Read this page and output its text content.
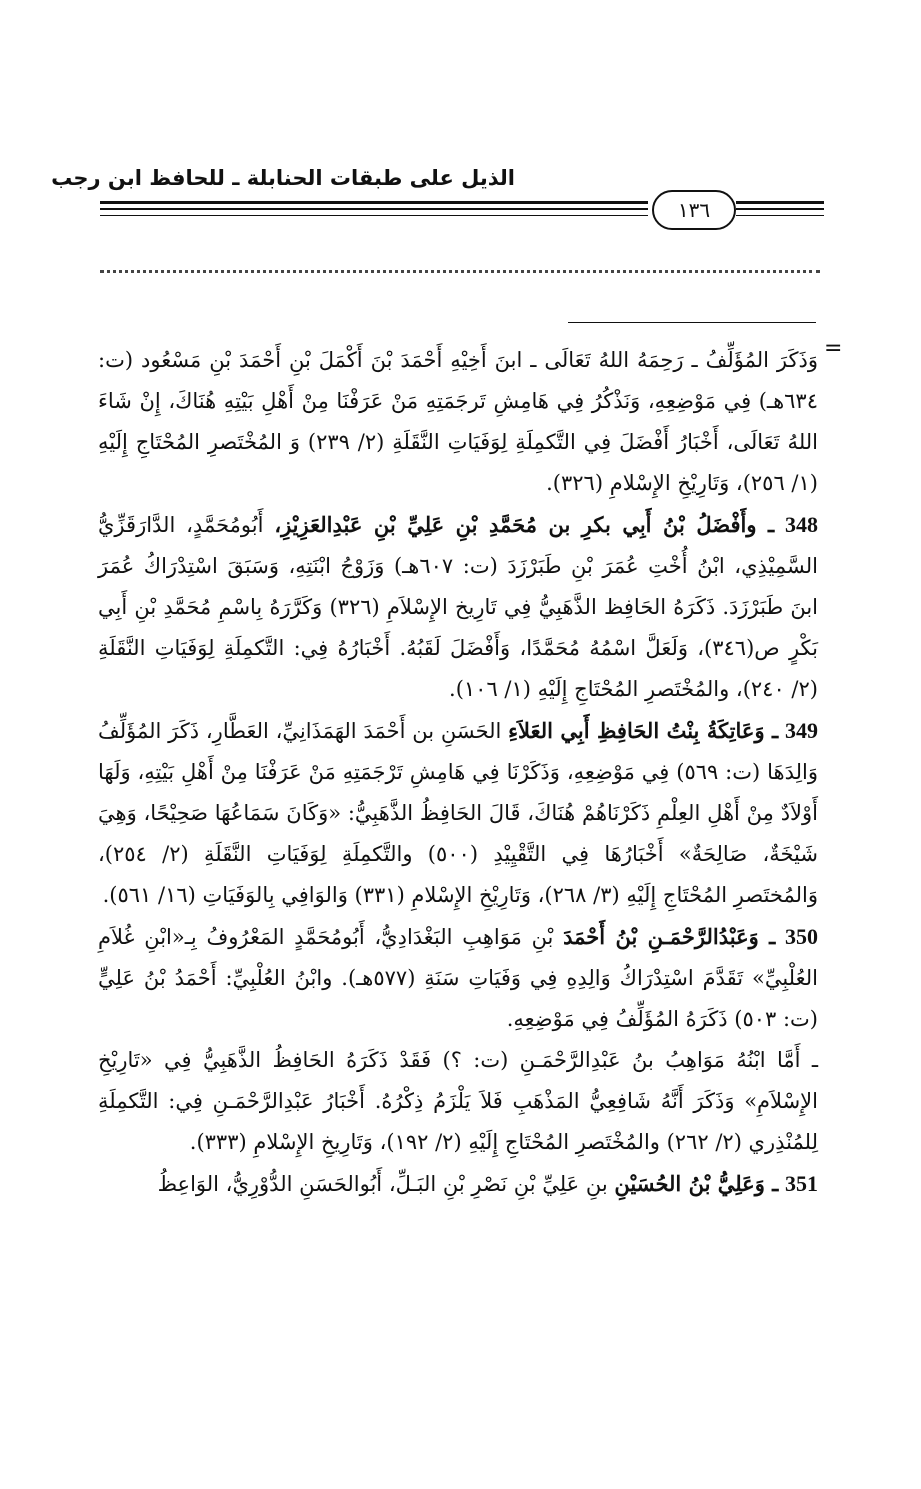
الذيل على طبقات الحنابلة ـ للحافظ ابن رجب
١٣٦
=

وَذَكَرَ المُؤَلِّفُ ـ رَحِمَهُ اللهُ تَعَالَى ـ ابنَ أَخِيْهِ أَحْمَدَ بْنَ أَكْمَلَ بْنِ أَحْمَدَ بْنِ مَسْعُود (ت: ٦٣٤هـ) فِي مَوْضِعِهِ، وَنَذْكُرُ فِي هَامِشِ تَرجَمَتِهِ مَنْ عَرَفْنَا مِنْ أَهْلِ بَيْتِهِ هُنَاكَ، إِنْ شَاءَ اللهُ تَعَالَى، أَخْبَارُ أَفْضَلَ فِي التَّكمِلَةِ لِوَفَيَاتِ النَّقَلَةِ (٢/ ٢٣٩) وَ المُخْتَصرِ المُحْتَاجِ إِلَيْهِ (١/ ٢٥٦)، وَتَارِيْخِ الإِسْلامِ (٣٢٦).

348 ـ وأَفْضَلُ بْنُ أَبِي بكرِ بن مُحَمَّدِ بْنِ عَلِيِّ بْنِ عَبْدِالعَزِيْزِ، أَبُومُحَمَّدٍ، الدَّارَقَزِّيُّ السَّمِيْذِي، ابْنُ أُخْتِ عُمَرَ بْنِ طَبَرْزَدَ (ت: ٦٠٧هـ) وَزَوْجُ ابْنَتِهِ، وَسَبَقَ اسْتِدْرَاكُ عُمَرَ ابنَ طَبَرْزَدَ. ذَكَرَهُ الحَافِظ الذَّهَبِيُّ فِي تَارِيخ الإِسْلاَمِ (٣٢٦) وَكَرَّرَهُ بِاسْمِ مُحَمَّدِ بْنِ أَبِي بَكْرٍ ص(٣٤٦)، وَلَعَلَّ اسْمُهُ مُحَمَّدًا، وَأَفْضَلَ لَقَبُهُ. أَخْبَارُهُ فِي: التَّكمِلَةِ لِوَفَيَاتِ النَّقَلَةِ (٢/ ٢٤٠)، والمُخْتَصرِ المُحْتَاجِ إِلَيْهِ (١/ ١٠٦).

349 ـ وَعَاتِكَةُ بِنْتُ الحَافِظِ أَبِي العَلاَءِ الحَسَنِ بن أَحْمَدَ الهَمَذَانِيِّ، العَطَّارِ، ذَكَرَ المُؤَلِّفُ وَالِدَهَا (ت: ٥٦٩) فِي مَوْضِعِهِ، وَذَكَرْنَا فِي هَامِشِ تَرْجَمَتِهِ مَنْ عَرَفْنَا مِنْ أَهْلِ بَيْتِهِ، وَلَهَا أَوْلاَدٌ مِنْ أَهْلِ العِلْمِ ذَكَرْنَاهُمْ هُنَاكَ، قَالَ الحَافِظُ الذَّهَبِيُّ: «وَكَانَ سَمَاعُهَا صَحِيْحًا، وَهِيَ شَيْخَةٌ، صَالِحَةٌ» أَخْبَارُهَا فِي التَّقْيِيْدِ (٥٠٠) والتَّكمِلَةِ لِوَفَيَاتِ النَّقَلَةِ (٢/ ٢٥٤)، وَالمُختَصرِ المُحْتَاجِ إِلَيْهِ (٣/ ٢٦٨)، وَتَارِيْخِ الإِسْلامِ (٣٣١) وَالوَافِي بِالوَفَيَاتِ (١٦/ ٥٦١).

350 ـ وَعَبْدُالرَّحْمَـنِ بْنُ أَحْمَدَ بْنِ مَوَاهِبِ البَغْدَادِيُّ، أَبُومُحَمَّدٍ المَعْرُوفُ بِـ«ابْنِ غُلاَمِ العُلْبِيِّ» تَقَدَّمَ اسْتِدْرَاكُ وَالِدِهِ فِي وَفَيَاتِ سَنَةِ (٥٧٧هـ). وابْنُ العُلْبِيِّ: أَحْمَدُ بْنُ عَلِيٍّ (ت: ٥٠٣) ذَكَرَهُ المُؤَلِّفُ فِي مَوْضِعِهِ.

ـ أَمَّا ابْنُهُ مَوَاهِبُ بنُ عَبْدِالرَّحْمَـنِ (ت: ؟) فَقَدْ ذَكَرَهُ الحَافِظُ الذَّهَبِيُّ فِي «تَارِيْخِ الإِسْلاَمِ» وَذَكَرَ أَنَّهُ شَافِعِيُّ المَذْهَبِ فَلاَ يَلْزَمُ ذِكْرُهُ. أَخْبَارُ عَبْدِالرَّحْمَـنِ فِي: التَّكمِلَةِ لِلمُنْذِري (٢/ ٢٦٢) والمُخْتَصرِ المُحْتَاجِ إِلَيْهِ (٢/ ١٩٢)، وَتَارِيخِ الإِسْلامِ (٣٣٣).

351 ـ وَعَلِيُّ بْنُ الحُسَيْنِ بنِ عَلِيِّ بْنِ نَصْرِ بْنِ البَـلِّ، أَبُوالحَسَنِ الدُّوْرِيُّ، الوَاعِظُ
